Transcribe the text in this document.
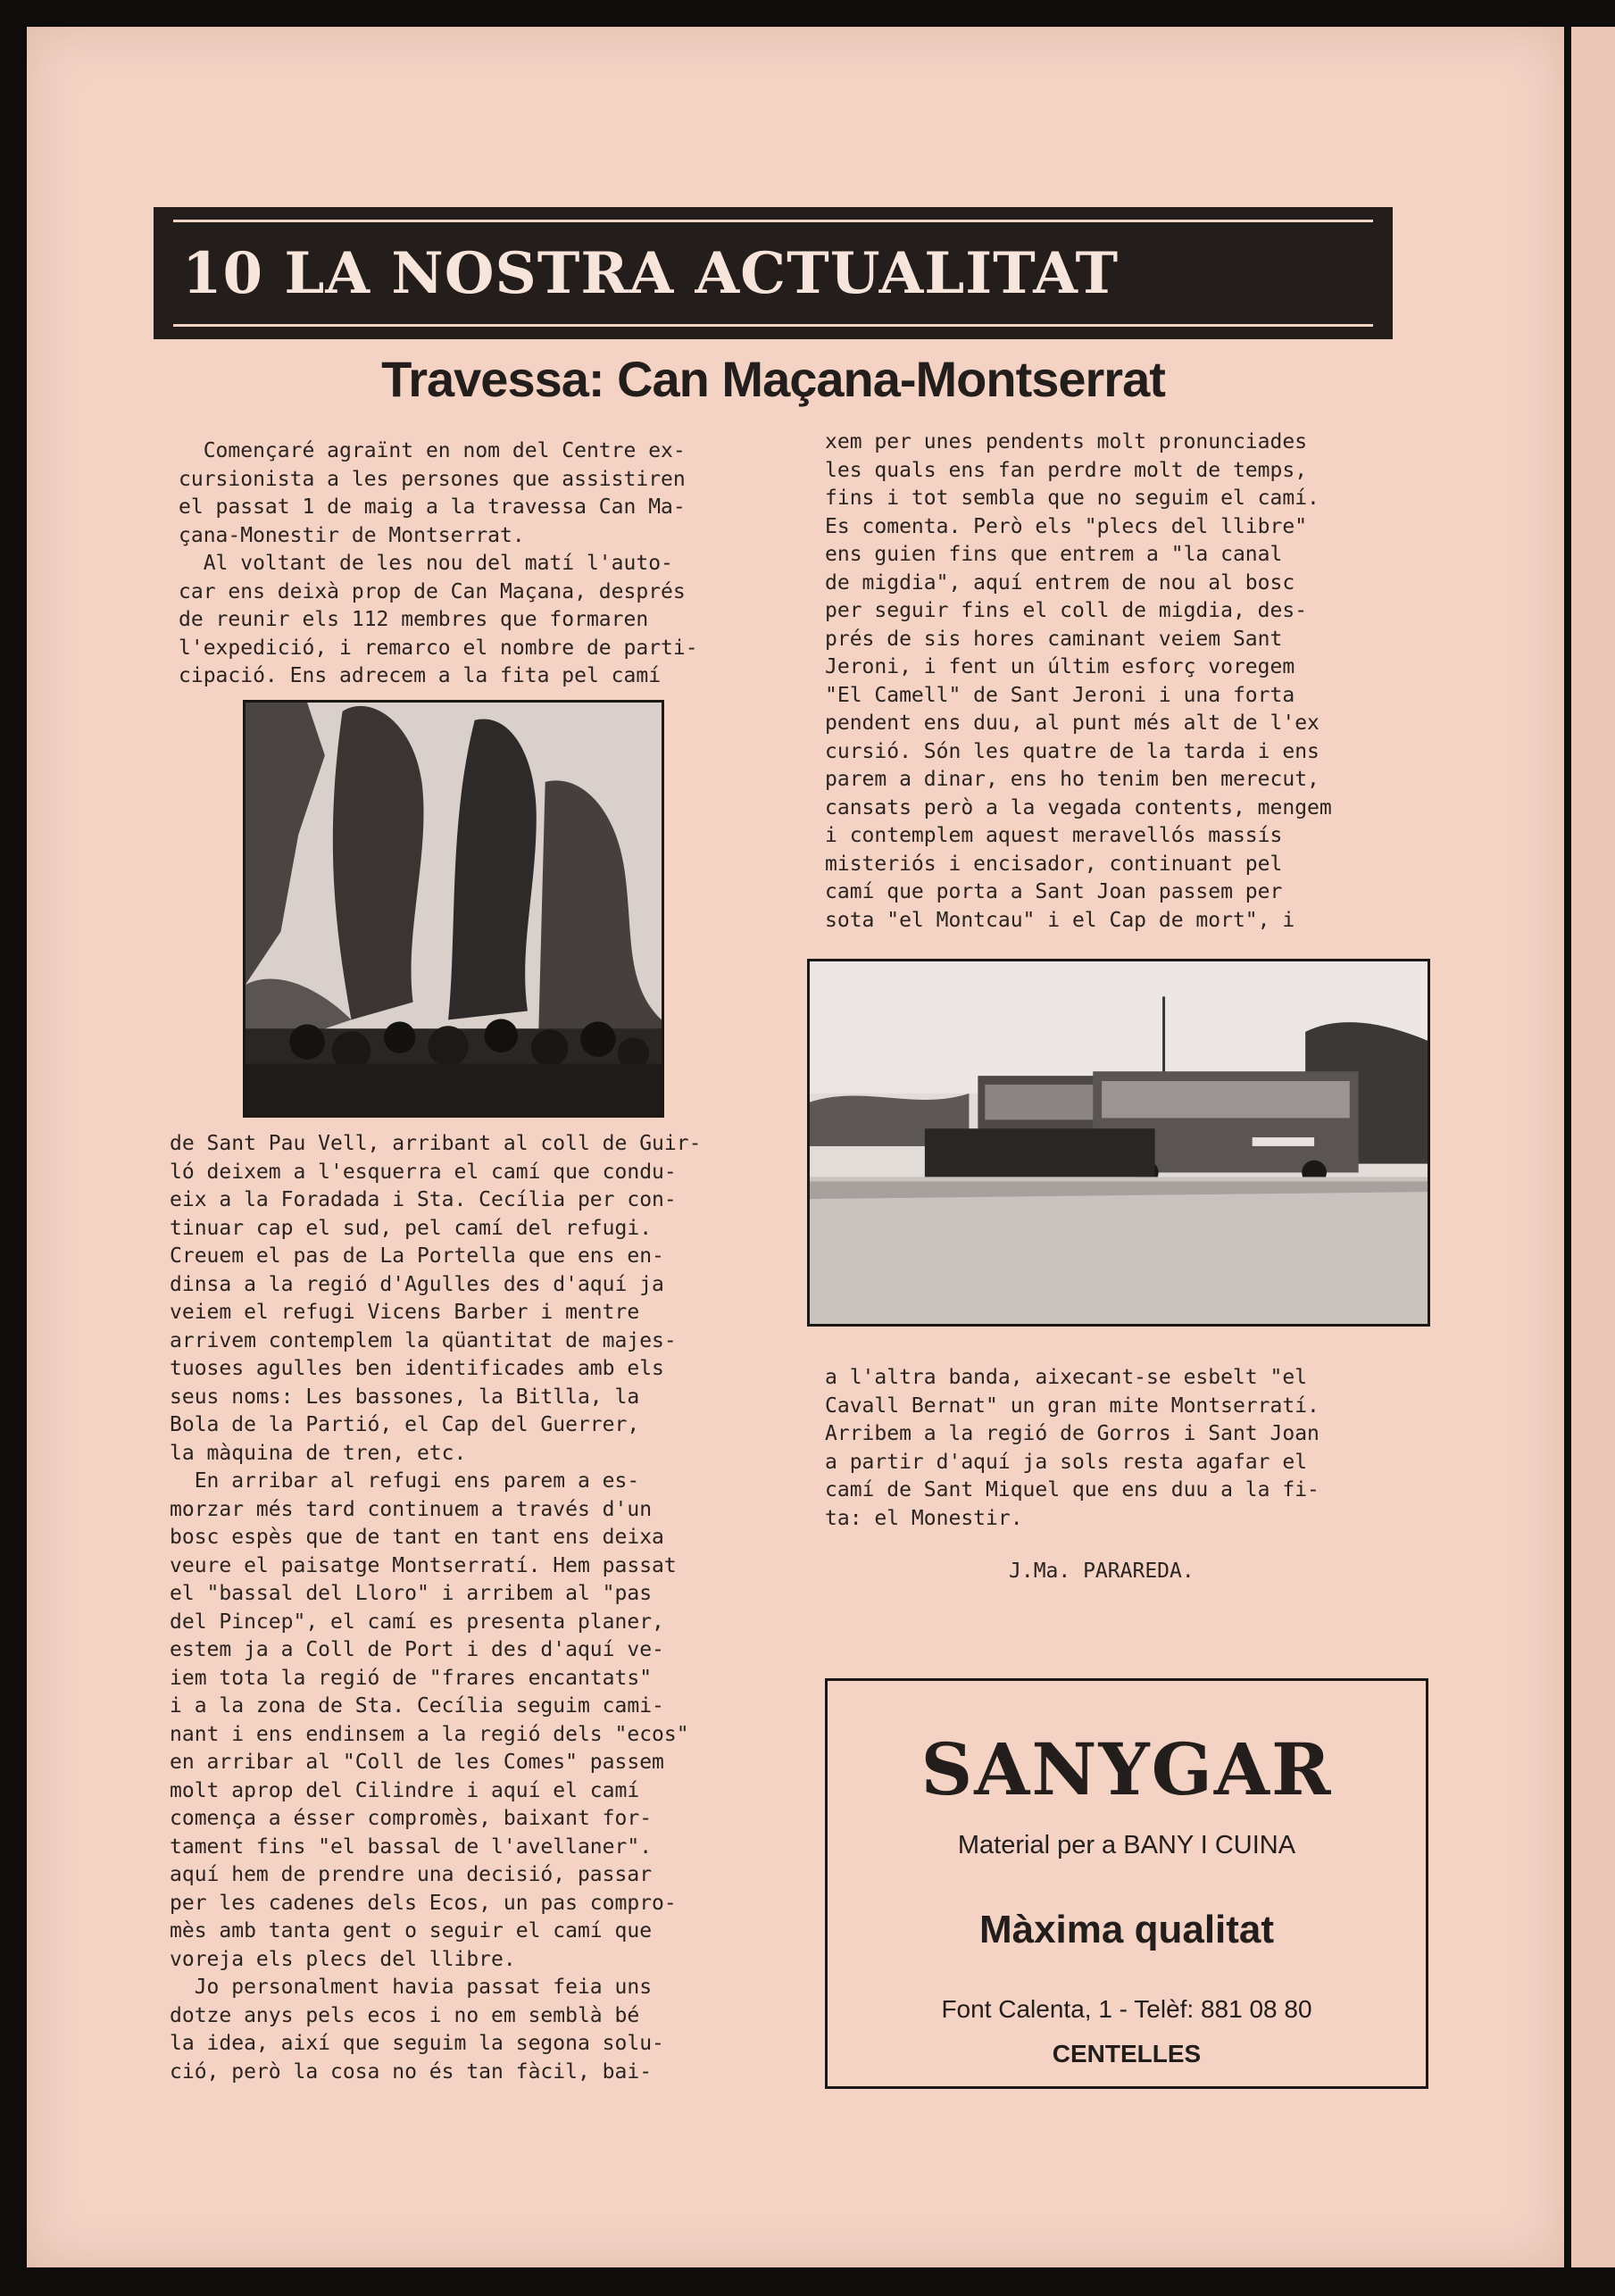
10 LA NOSTRA ACTUALITAT
Travessa: Can Maçana-Montserrat
Començaré agraïnt en nom del Centre ex-
cursionista a les persones que assistiren
el passat 1 de maig a la travessa Can Ma-
çana-Monestir de Montserrat.
Al voltant de les nou del matí l'auto-
car ens deixà prop de Can Maçana, després
de reunir els 112 membres que formaren
l'expedició, i remarco el nombre de parti-
cipació. Ens adrecem a la fita pel camí
de Sant Pau Vell, arribant al coll de Guir-
ló deixem a l'esquerra el camí que condu-
eix a la Foradada i Sta. Cecília per con-
tinuar cap el sud, pel camí del refugi.
Creuem el pas de La Portella que ens en-
dinsa a la regió d'Agulles des d'aquí ja
veiem el refugi Vicens Barber i mentre
arrivem contemplem la qüantitat de majes-
tuoses agulles ben identificades amb els
seus noms: Les bassones, la Bitlla, la
Bola de la Partió, el Cap del Guerrer,
la màquina de tren, etc.
En arribar al refugi ens parem a es-
morzar més tard continuem a través d'un
bosc espès que de tant en tant ens deixa
veure el paisatge Montserratí. Hem passat
el "bassal del Lloro" i arribem al "pas
del Pincep", el camí es presenta planer,
estem ja a Coll de Port i des d'aquí ve-
iem tota la regió de "frares encantats"
i a la zona de Sta. Cecília seguim cami-
nant i ens endinsem a la regió dels "ecos"
en arribar al "Coll de les Comes" passem
molt aprop del Cilindre i aquí el camí
comença a ésser compromès, baixant for-
tament fins "el bassal de l'avellaner".
aquí hem de prendre una decisió, passar
per les cadenes dels Ecos, un pas compro-
mès amb tanta gent o seguir el camí que
voreja els plecs del llibre.
Jo personalment havia passat feia uns
dotze anys pels ecos i no em semblà bé
la idea, així que seguim la segona solu-
ció, però la cosa no és tan fàcil, bai-
xem per unes pendents molt pronunciades
les quals ens fan perdre molt de temps,
fins i tot sembla que no seguim el camí.
Es comenta. Però els "plecs del llibre"
ens guien fins que entrem a "la canal
de migdia", aquí entrem de nou al bosc
per seguir fins el coll de migdia, des-
prés de sis hores caminant veiem Sant
Jeroni, i fent un últim esforç voregem
"El Camell" de Sant Jeroni i una forta
pendent ens duu, al punt més alt de l'ex
cursió. Són les quatre de la tarda i ens
parem a dinar, ens ho tenim ben merecut,
cansats però a la vegada contents, mengem
i contemplem aquest meravellós massís
misteriós i encisador, continuant pel
camí que porta a Sant Joan passem per
sota "el Montcau" i el Cap de mort", i
a l'altra banda, aixecant-se esbelt "el
Cavall Bernat" un gran mite Montserratí.
Arribem a la regió de Gorros i Sant Joan
a partir d'aquí ja sols resta agafar el
camí de Sant Miquel que ens duu a la fi-
ta: el Monestir.
J.Ma. PARAREDA.
SANYGAR
Material per a BANY I CUINA
Màxima qualitat
Font Calenta, 1 - Telèf: 881 08 80
CENTELLES
